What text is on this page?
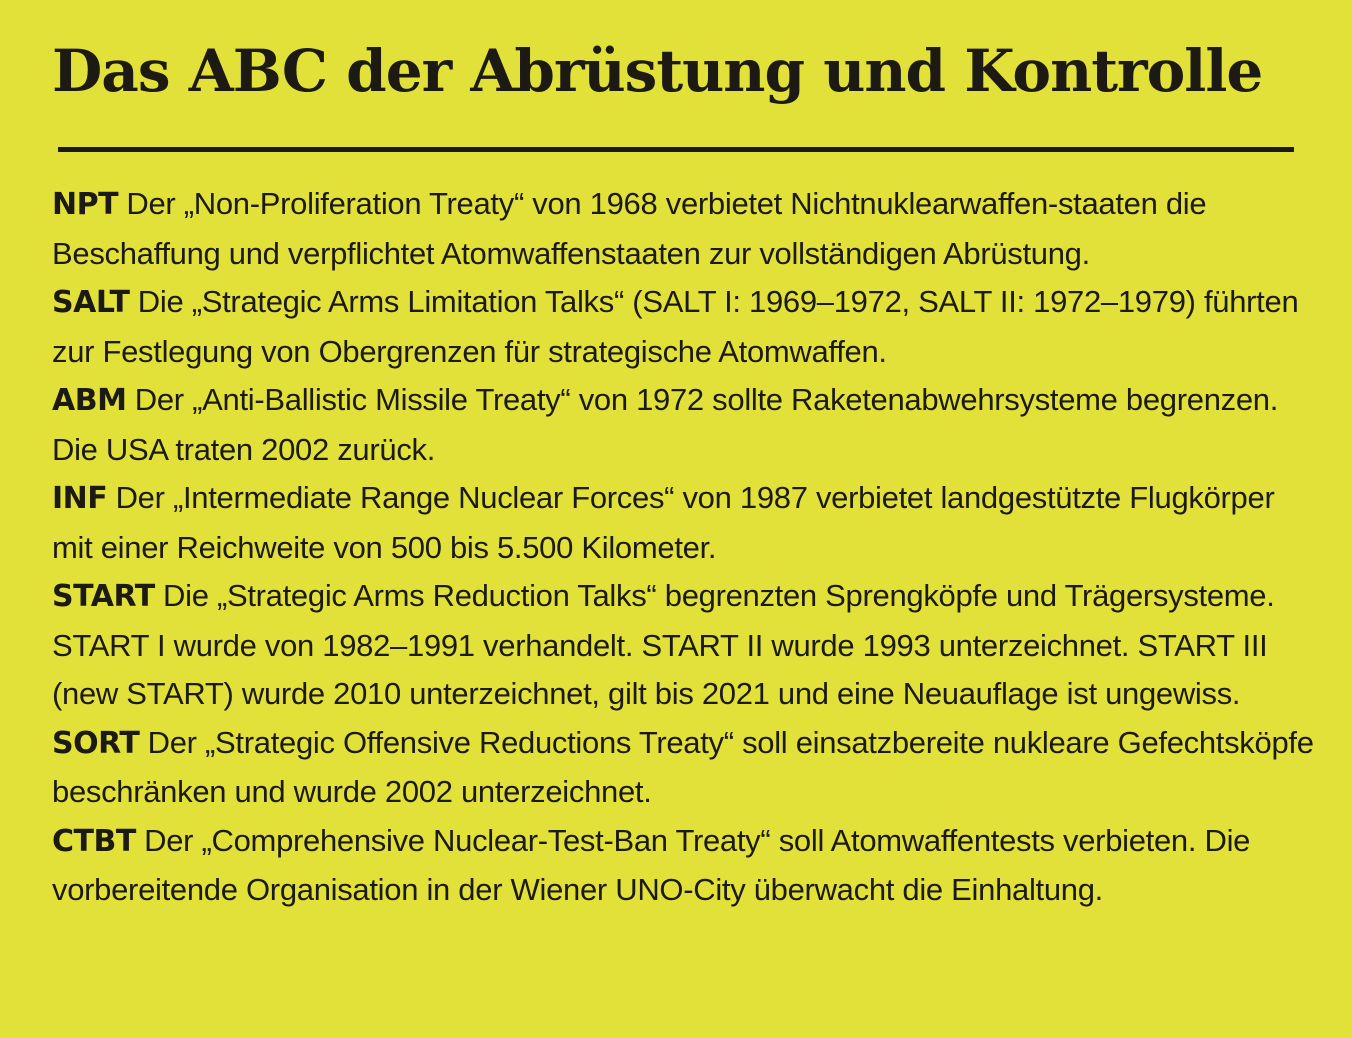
Das ABC der Abrüstung und Kontrolle

NPT Der „Non-Proliferation Treaty“ von 1968 verbietet Nichtnuklearwaffen-staaten die Beschaffung und verpflichtet Atomwaffenstaaten zur vollständigen Abrüstung.

SALT Die „Strategic Arms Limitation Talks“ (SALT I: 1969–1972, SALT II: 1972–1979) führten zur Festlegung von Obergrenzen für strategische Atomwaffen.

ABM Der „Anti-Ballistic Missile Treaty“ von 1972 sollte Raketenabwehrsysteme begrenzen. Die USA traten 2002 zurück.

INF Der „Intermediate Range Nuclear Forces“ von 1987 verbietet landgestützte Flugkörper mit einer Reichweite von 500 bis 5.500 Kilometer.

START Die „Strategic Arms Reduction Talks“ begrenzten Sprengköpfe und Trägersysteme. START I wurde von 1982–1991 verhandelt. START II wurde 1993 unterzeichnet. START III (new START) wurde 2010 unterzeichnet, gilt bis 2021 und eine Neuauflage ist ungewiss.

SORT Der „Strategic Offensive Reductions Treaty“ soll einsatzbereite nukleare Gefechtsköpfe beschränken und wurde 2002 unterzeichnet.

CTBT Der „Comprehensive Nuclear-Test-Ban Treaty“ soll Atomwaffentests verbieten. Die vorbereitende Organisation in der Wiener UNO-City überwacht die Einhaltung.
